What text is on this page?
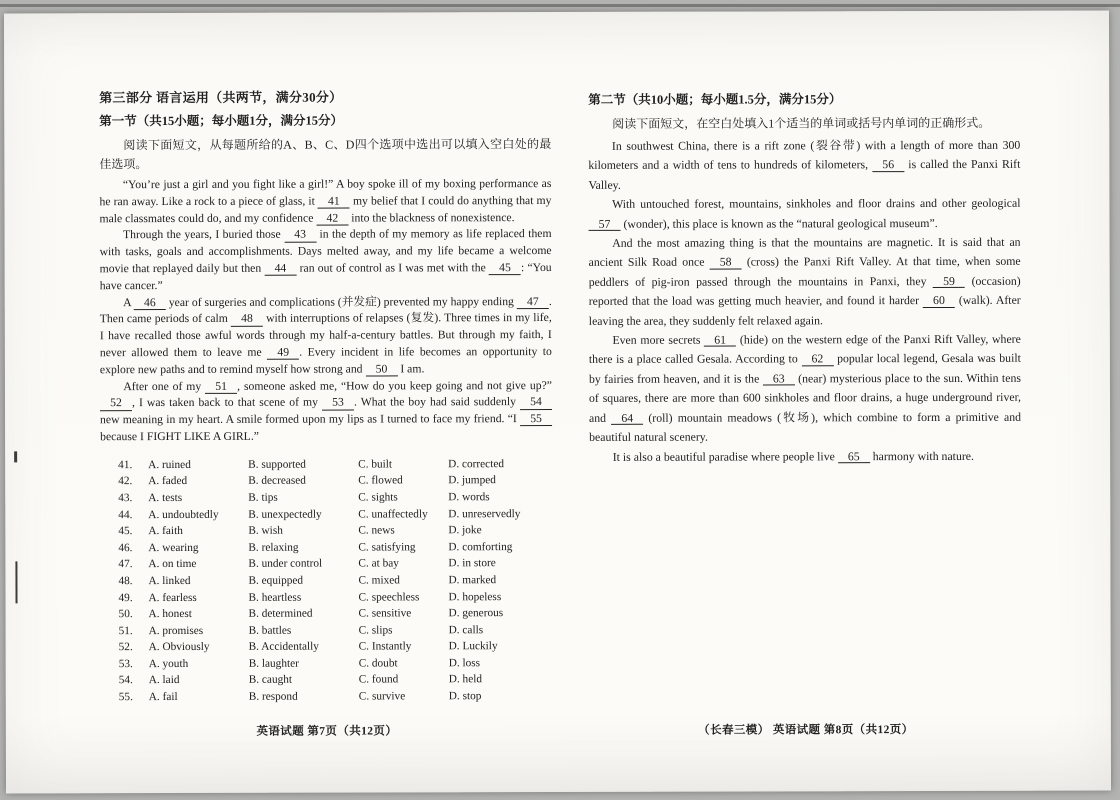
第三部分 语言运用（共两节，满分30分）
第一节（共15小题；每小题1分，满分15分）

阅读下面短文，从每题所给的A、B、C、D四个选项中选出可以填入空白处的最佳选项。

“You’re just a girl and you fight like a girl!” A boy spoke ill of my boxing performance as he ran away. Like a rock to a piece of glass, it 41 my belief that I could do anything that my male classmates could do, and my confidence 42 into the blackness of nonexistence.

Through the years, I buried those 43 in the depth of my memory as life replaced them with tasks, goals and accomplishments. Days melted away, and my life became a welcome movie that replayed daily but then 44 ran out of control as I was met with the 45 : “You have cancer.”

A 46 year of surgeries and complications (并发症) prevented my happy ending 47 . Then came periods of calm 48 with interruptions of relapses (复发). Three times in my life, I have recalled those awful words through my half-a-century battles. But through my faith, I never allowed them to leave me 49 . Every incident in life becomes an opportunity to explore new paths and to remind myself how strong and 50 I am.

After one of my 51 , someone asked me, “How do you keep going and not give up?” 52 , I was taken back to that scene of my 53 . What the boy had said suddenly 54 new meaning in my heart. A smile formed upon my lips as I turned to face my friend. “I 55 because I FIGHT LIKE A GIRL.”

41.	A. ruined	B. supported	C. built	D. corrected
42.	A. faded	B. decreased	C. flowed	D. jumped
43.	A. tests	B. tips	C. sights	D. words
44.	A. undoubtedly	B. unexpectedly	C. unaffectedly	D. unreservedly
45.	A. faith	B. wish	C. news	D. joke
46.	A. wearing	B. relaxing	C. satisfying	D. comforting
47.	A. on time	B. under control	C. at bay	D. in store
48.	A. linked	B. equipped	C. mixed	D. marked
49.	A. fearless	B. heartless	C. speechless	D. hopeless
50.	A. honest	B. determined	C. sensitive	D. generous
51.	A. promises	B. battles	C. slips	D. calls
52.	A. Obviously	B. Accidentally	C. Instantly	D. Luckily
53.	A. youth	B. laughter	C. doubt	D. loss
54.	A. laid	B. caught	C. found	D. held
55.	A. fail	B. respond	C. survive	D. stop
第二节（共10小题；每小题1.5分，满分15分）

阅读下面短文，在空白处填入1个适当的单词或括号内单词的正确形式。

In southwest China, there is a rift zone (裂谷带) with a length of more than 300 kilometers and a width of tens to hundreds of kilometers, 56 is called the Panxi Rift Valley.

With untouched forest, mountains, sinkholes and floor drains and other geological 57 (wonder), this place is known as the “natural geological museum”.

And the most amazing thing is that the mountains are magnetic. It is said that an ancient Silk Road once 58 (cross) the Panxi Rift Valley. At that time, when some peddlers of pig-iron passed through the mountains in Panxi, they 59 (occasion) reported that the load was getting much heavier, and found it harder 60 (walk). After leaving the area, they suddenly felt relaxed again.

Even more secrets 61 (hide) on the western edge of the Panxi Rift Valley, where there is a place called Gesala. According to 62 popular local legend, Gesala was built by fairies from heaven, and it is the 63 (near) mysterious place to the sun. Within tens of squares, there are more than 600 sinkholes and floor drains, a huge underground river, and 64 (roll) mountain meadows (牧场), which combine to form a primitive and beautiful natural scenery.

It is also a beautiful paradise where people live 65 harmony with nature.

英语试题 第7页（共12页）	（长春三模） 英语试题 第8页（共12页）
